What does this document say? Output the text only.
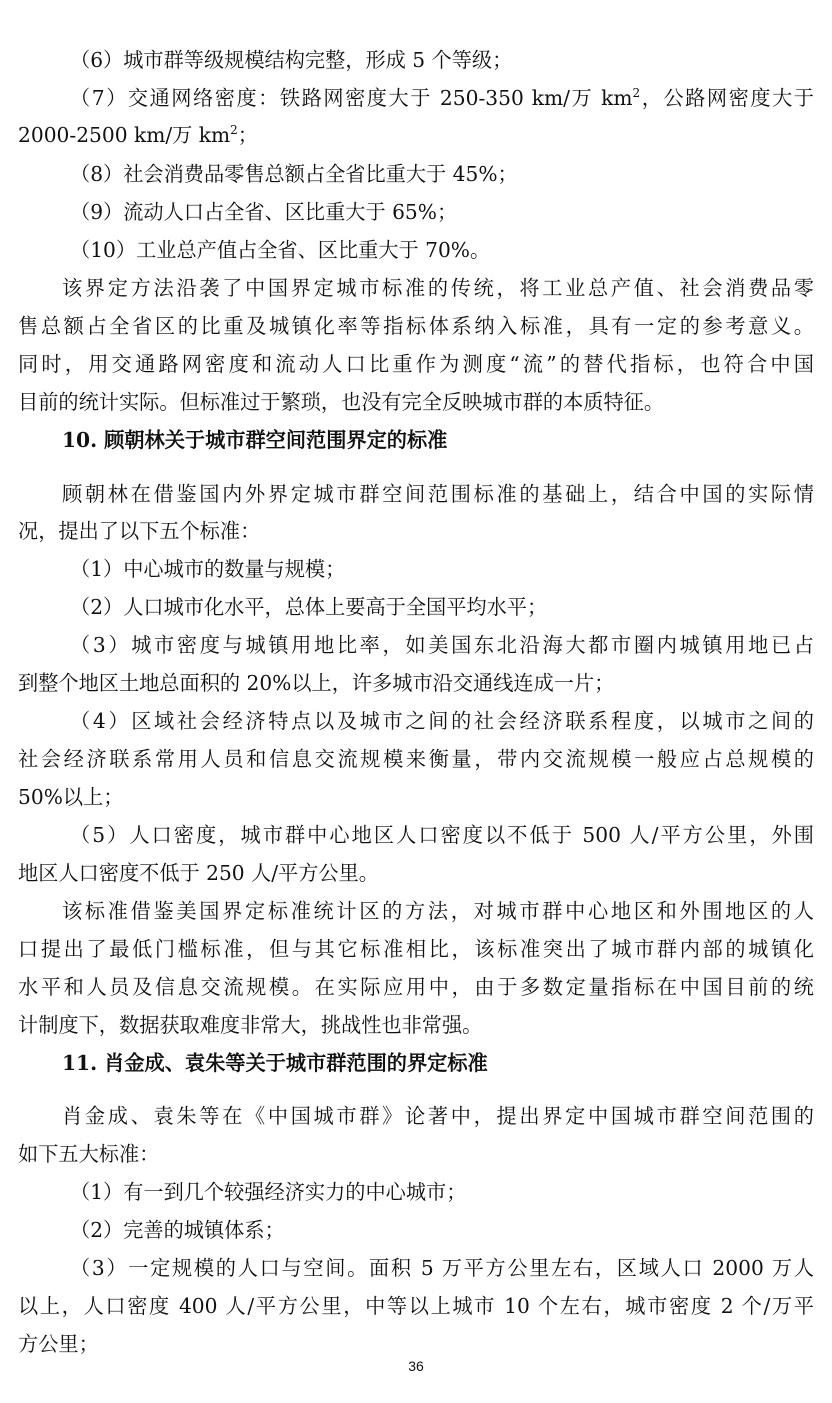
（6）城市群等级规模结构完整，形成 5 个等级；
（7）交通网络密度：铁路网密度大于 250-350 km/万 $km^2$，公路网密度大于
2000-2500 km/万 $km^2$；
（8）社会消费品零售总额占全省比重大于 45%；
（9）流动人口占全省、区比重大于 65%；
（10）工业总产值占全省、区比重大于 70%。
该界定方法沿袭了中国界定城市标准的传统，将工业总产值、社会消费品零
售总额占全省区的比重及城镇化率等指标体系纳入标准，具有一定的参考意义。
同时，用交通路网密度和流动人口比重作为测度“流”的替代指标，也符合中国
目前的统计实际。但标准过于繁琐，也没有完全反映城市群的本质特征。
10. 顾朝林关于城市群空间范围界定的标准
顾朝林在借鉴国内外界定城市群空间范围标准的基础上，结合中国的实际情
况，提出了以下五个标准：
（1）中心城市的数量与规模；
（2）人口城市化水平，总体上要高于全国平均水平；
（3）城市密度与城镇用地比率，如美国东北沿海大都市圈内城镇用地已占
到整个地区土地总面积的 20%以上，许多城市沿交通线连成一片；
（4）区域社会经济特点以及城市之间的社会经济联系程度，以城市之间的
社会经济联系常用人员和信息交流规模来衡量，带内交流规模一般应占总规模的
50%以上；
（5）人口密度，城市群中心地区人口密度以不低于 500 人/平方公里，外围
地区人口密度不低于 250 人/平方公里。
该标准借鉴美国界定标准统计区的方法，对城市群中心地区和外围地区的人
口提出了最低门槛标准，但与其它标准相比，该标准突出了城市群内部的城镇化
水平和人员及信息交流规模。在实际应用中，由于多数定量指标在中国目前的统
计制度下，数据获取难度非常大，挑战性也非常强。
11. 肖金成、袁朱等关于城市群范围的界定标准
肖金成、袁朱等在《中国城市群》论著中，提出界定中国城市群空间范围的
如下五大标准：
（1）有一到几个较强经济实力的中心城市；
（2）完善的城镇体系；
（3）一定规模的人口与空间。面积 5 万平方公里左右，区域人口 2000 万人
以上，人口密度 400 人/平方公里，中等以上城市 10 个左右，城市密度 2 个/万平
方公里；
36
